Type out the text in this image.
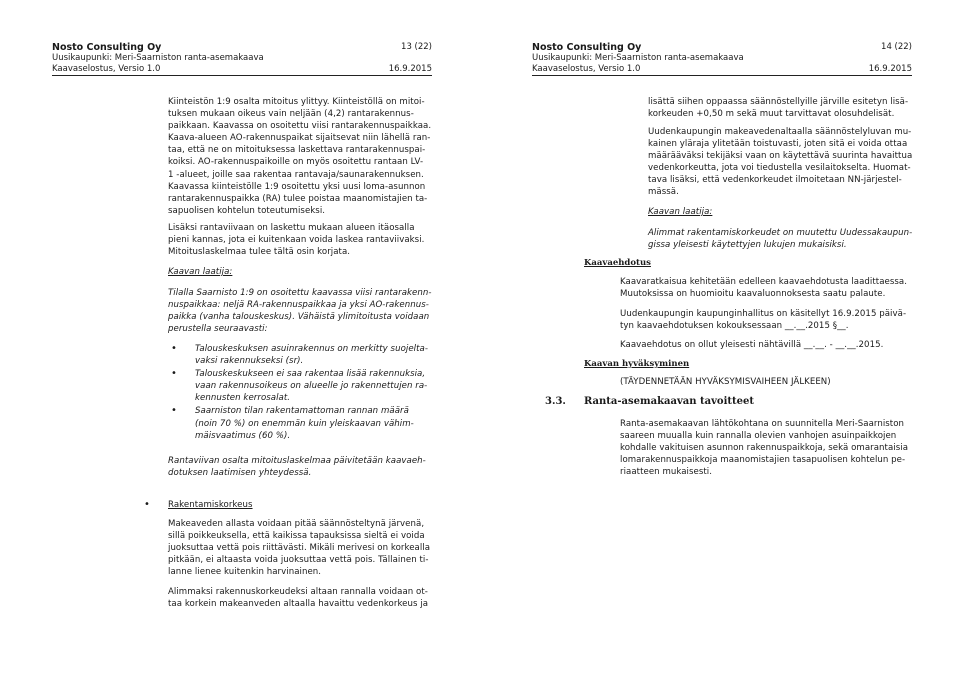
Nosto Consulting Oy	13 (22)
Uusikaupunki: Meri-Saarniston ranta-asemakaava
Kaavaselostus, Versio 1.0	16.9.2015

Kiinteistön 1:9 osalta mitoitus ylittyy. Kiinteistöllä on mitoi-

tuksen mukaan oikeus vain neljään (4,2) rantarakennus-

paikkaan. Kaavassa on osoitettu viisi rantarakennuspaikkaa.

Kaava-alueen AO-rakennuspaikat sijaitsevat niin lähellä ran-

taa, että ne on mitoituksessa laskettava rantarakennuspai-

koiksi. AO-rakennuspaikoille on myös osoitettu rantaan LV-

1 -alueet, joille saa rakentaa rantavaja/saunarakennuksen.

Kaavassa kiinteistölle 1:9 osoitettu yksi uusi loma-asunnon

rantarakennuspaikka (RA) tulee poistaa maanomistajien ta-

sapuolisen kohtelun toteutumiseksi.

Lisäksi rantaviivaan on laskettu mukaan alueen itäosalla

pieni kannas, jota ei kuitenkaan voida laskea rantaviivaksi.

Mitoituslaskelmaa tulee tältä osin korjata.

Kaavan laatija:

Tilalla Saarnisto 1:9 on osoitettu kaavassa viisi rantarakenn-

nuspaikkaa: neljä RA-rakennuspaikkaa ja yksi AO-rakennus-

paikka (vanha talouskeskus). Vähäistä ylimitoitusta voidaan

perustella seuraavasti:

• Talouskeskuksen asuinrakennus on merkitty suojelta-

vaksi rakennukseksi (sr).

• Talouskeskukseen ei saa rakentaa lisää rakennuksia,

vaan rakennusoikeus on alueelle jo rakennettujen ra-

kennusten kerrosalat.

• Saarniston tilan rakentamattoman rannan määrä

(noin 70 %) on enemmän kuin yleiskaavan vähim-

mäisvaatimus (60 %).

Rantaviivan osalta mitoituslaskelmaa päivitetään kaavaeh-

dotuksen laatimisen yhteydessä.

• Rakentamiskorkeus

Makeaveden allasta voidaan pitää säännösteltynä järvenä,

sillä poikkeuksella, että kaikissa tapauksissa sieltä ei voida

juoksuttaa vettä pois riittävästi. Mikäli merivesi on korkealla

pitkään, ei altaasta voida juoksuttaa vettä pois. Tällainen ti-

lanne lienee kuitenkin harvinainen.

Alimmaksi rakennuskorkeudeksi altaan rannalla voidaan ot-

taa korkein makeanveden altaalla havaittu vedenkorkeus ja

Nosto Consulting Oy	14 (22)
Uusikaupunki: Meri-Saarniston ranta-asemakaava
Kaavaselostus, Versio 1.0	16.9.2015

lisättä siihen oppaassa säännöstellyille järville esitetyn lisä-

korkeuden +0,50 m sekä muut tarvittavat olosuhdelisät.

Uudenkaupungin makeavedenaltaalla säännöstelyluvan mu-

kainen yläraja ylitetään toistuvasti, joten sitä ei voida ottaa

määrääväksi tekijäksi vaan on käytettävä suurinta havaittua

vedenkorkeutta, jota voi tiedustella vesilaitokselta. Huomat-

tava lisäksi, että vedenkorkeudet ilmoitetaan NN-järjestel-

mässä.

Kaavan laatija:

Alimmat rakentamiskorkeudet on muutettu Uudessakaupun-

gissa yleisesti käytettyjen lukujen mukaisiksi.

Kaavaehdotus

Kaavaratkaisua kehitetään edelleen kaavaehdotusta laadittaessa.

Muutoksissa on huomioitu kaavaluonnoksesta saatu palaute.

Uudenkaupungin kaupunginhallitus on käsitellyt 16.9.2015 päivä-

tyn kaavaehdotuksen kokouksessaan __.__.2015 §__.

Kaavaehdotus on ollut yleisesti nähtävillä __.__. - __.__.2015.
Kaavan hyväksyminen
(TÄYDENNETÄÄN HYVÄKSYMISVAIHEEN JÄLKEEN)
3.3. Ranta-asemakaavan tavoitteet

Ranta-asemakaavan lähtökohtana on suunnitella Meri-Saarniston

saareen muualla kuin rannalla olevien vanhojen asuinpaikkojen

kohdalle vakituisen asunnon rakennuspaikkoja, sekä omarantaisia

lomarakennuspaikkoja maanomistajien tasapuolisen kohtelun pe-

riaatteen mukaisesti.
